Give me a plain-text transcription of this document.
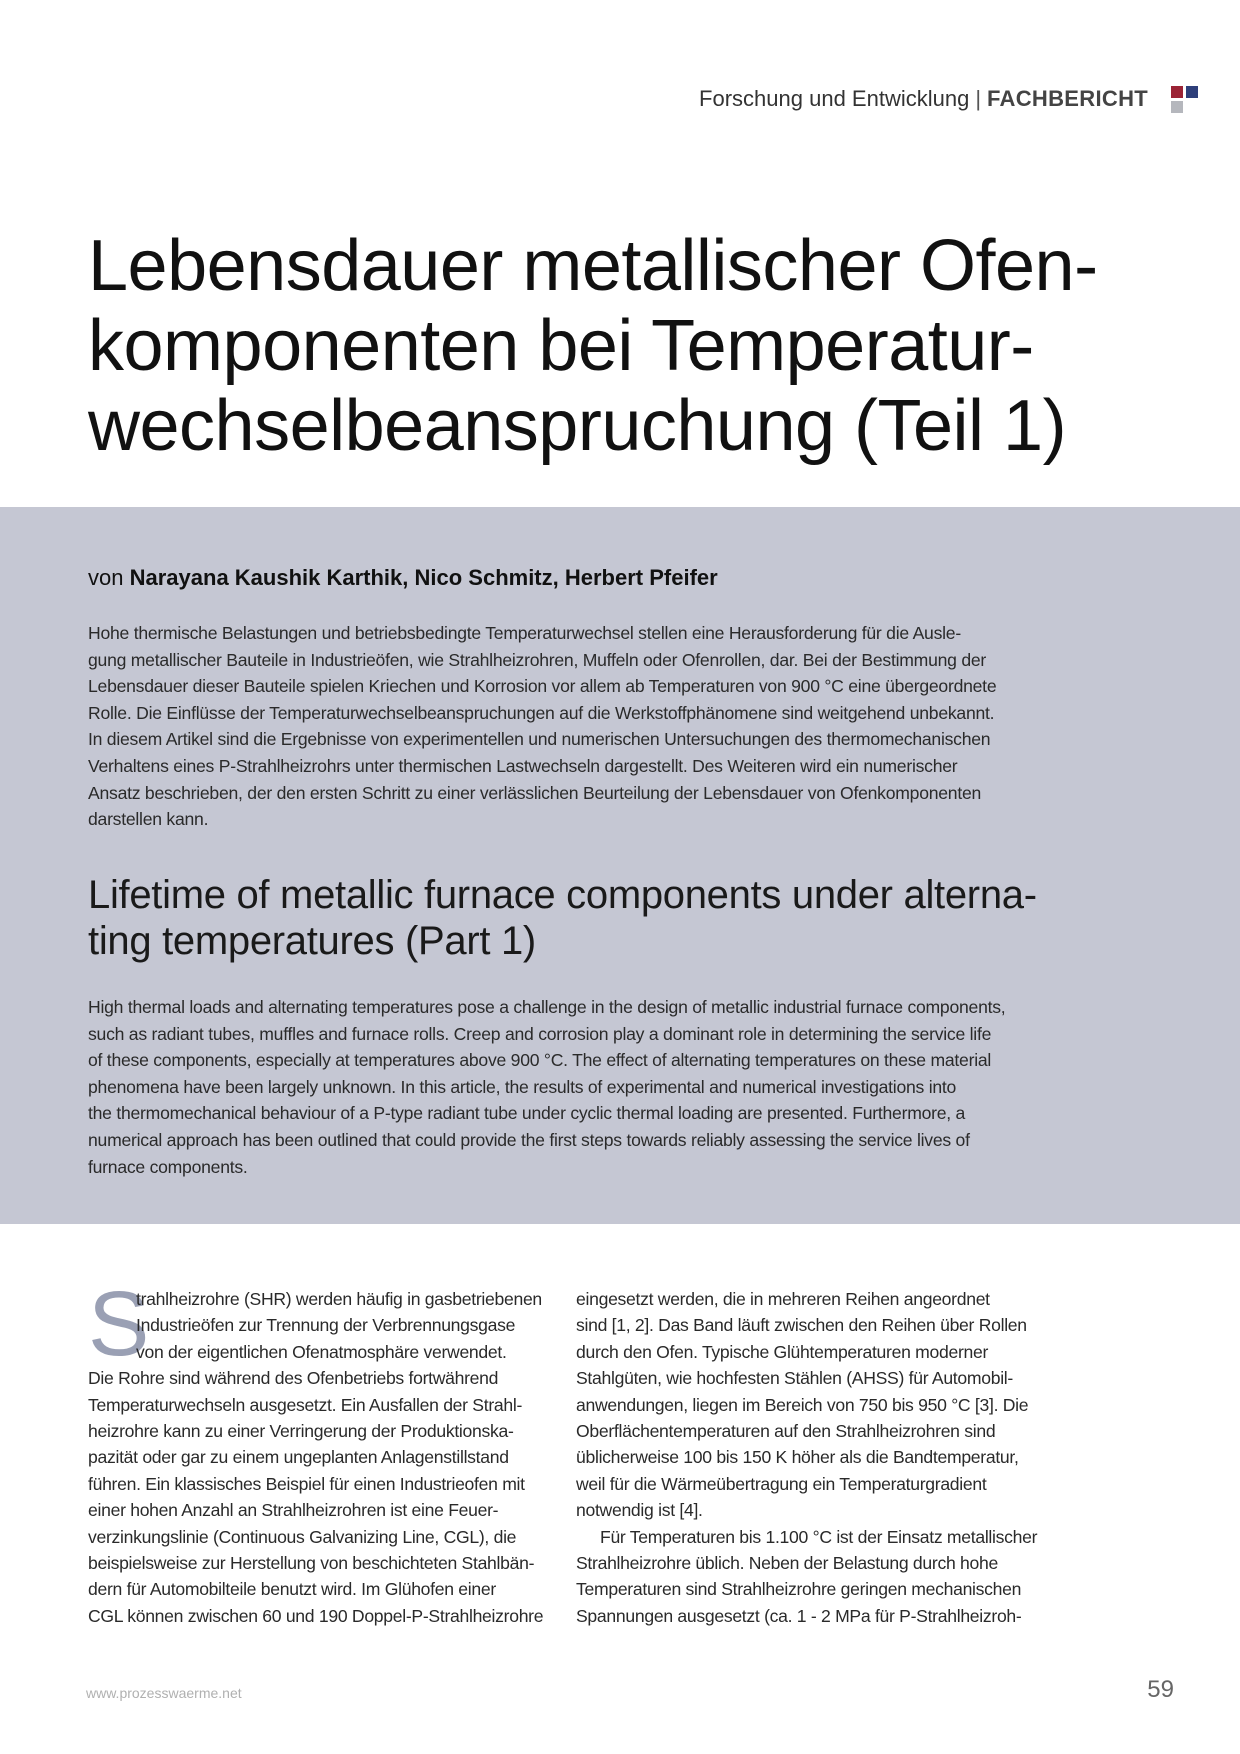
Forschung und Entwicklung | FACHBERICHT
Lebensdauer metallischer Ofen-
komponenten bei Temperatur-
wechselbeanspruchung (Teil 1)
von Narayana Kaushik Karthik, Nico Schmitz, Herbert Pfeifer
Hohe thermische Belastungen und betriebsbedingte Temperaturwechsel stellen eine Herausforderung für die Ausle-
gung metallischer Bauteile in Industrieöfen, wie Strahlheizrohren, Muffeln oder Ofenrollen, dar. Bei der Bestimmung der
Lebensdauer dieser Bauteile spielen Kriechen und Korrosion vor allem ab Temperaturen von 900 °C eine übergeordnete
Rolle. Die Einflüsse der Temperaturwechselbeanspruchungen auf die Werkstoffphänomene sind weitgehend unbekannt.
In diesem Artikel sind die Ergebnisse von experimentellen und numerischen Untersuchungen des thermomechanischen
Verhaltens eines P-Strahlheizrohrs unter thermischen Lastwechseln dargestellt. Des Weiteren wird ein numerischer
Ansatz beschrieben, der den ersten Schritt zu einer verlässlichen Beurteilung der Lebensdauer von Ofenkomponenten
darstellen kann.
Lifetime of metallic furnace components under alterna-
ting temperatures (Part 1)
High thermal loads and alternating temperatures pose a challenge in the design of metallic industrial furnace components,
such as radiant tubes, muffles and furnace rolls. Creep and corrosion play a dominant role in determining the service life
of these components, especially at temperatures above 900 °C. The effect of alternating temperatures on these material
phenomena have been largely unknown. In this article, the results of experimental and numerical investigations into
the thermomechanical behaviour of a P-type radiant tube under cyclic thermal loading are presented. Furthermore, a
numerical approach has been outlined that could provide the first steps towards reliably assessing the service lives of
furnace components.
S
trahlheizrohre (SHR) werden häufig in gasbetriebenen
Industrieöfen zur Trennung der Verbrennungsgase
von der eigentlichen Ofenatmosphäre verwendet.
Die Rohre sind während des Ofenbetriebs fortwährend
Temperaturwechseln ausgesetzt. Ein Ausfallen der Strahl-
heizrohre kann zu einer Verringerung der Produktionska-
pazität oder gar zu einem ungeplanten Anlagenstillstand
führen. Ein klassisches Beispiel für einen Industrieofen mit
einer hohen Anzahl an Strahlheizrohren ist eine Feuer-
verzinkungslinie (Continuous Galvanizing Line, CGL), die
beispielsweise zur Herstellung von beschichteten Stahlbän-
dern für Automobilteile benutzt wird. Im Glühofen einer
CGL können zwischen 60 und 190 Doppel-P-Strahlheizrohre
eingesetzt werden, die in mehreren Reihen angeordnet
sind [1, 2]. Das Band läuft zwischen den Reihen über Rollen
durch den Ofen. Typische Glühtemperaturen moderner
Stahlgüten, wie hochfesten Stählen (AHSS) für Automobil-
anwendungen, liegen im Bereich von 750 bis 950 °C [3]. Die
Oberflächentemperaturen auf den Strahlheizrohren sind
üblicherweise 100 bis 150 K höher als die Bandtemperatur,
weil für die Wärmeübertragung ein Temperaturgradient
notwendig ist [4].
Für Temperaturen bis 1.100 °C ist der Einsatz metallischer
Strahlheizrohre üblich. Neben der Belastung durch hohe
Temperaturen sind Strahlheizrohre geringen mechanischen
Spannungen ausgesetzt (ca. 1 - 2 MPa für P-Strahlheizroh-
www.prozesswaerme.net	59
